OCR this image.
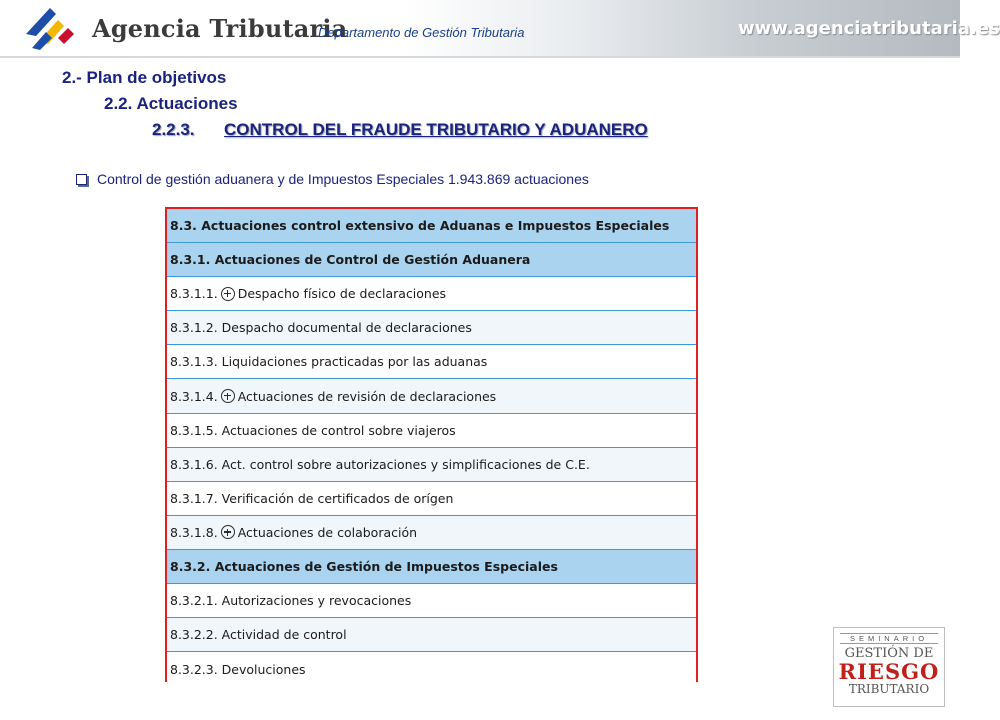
Agencia Tributaria
Departamento de Gestión Tributaria	www.agenciatributaria.es
2.- Plan de objetivos
2.2. Actuaciones
2.2.3. CONTROL DEL FRAUDE TRIBUTARIO Y ADUANERO
Control de gestión aduanera y de Impuestos Especiales 1.943.869 actuaciones
8.3. Actuaciones control extensivo de Aduanas e Impuestos Especiales
8.3.1. Actuaciones de Control de Gestión Aduanera
8.3.1.1. Despacho físico de declaraciones
8.3.1.2. Despacho documental de declaraciones
8.3.1.3. Liquidaciones practicadas por las aduanas
8.3.1.4. Actuaciones de revisión de declaraciones
8.3.1.5. Actuaciones de control sobre viajeros
8.3.1.6. Act. control sobre autorizaciones y simplificaciones de C.E.
8.3.1.7. Verificación de certificados de orígen
8.3.1.8. Actuaciones de colaboración
8.3.2. Actuaciones de Gestión de Impuestos Especiales
8.3.2.1. Autorizaciones y revocaciones
8.3.2.2. Actividad de control
8.3.2.3. Devoluciones
SEMINARIO
GESTIÓN DE
RIESGO
TRIBUTARIO
